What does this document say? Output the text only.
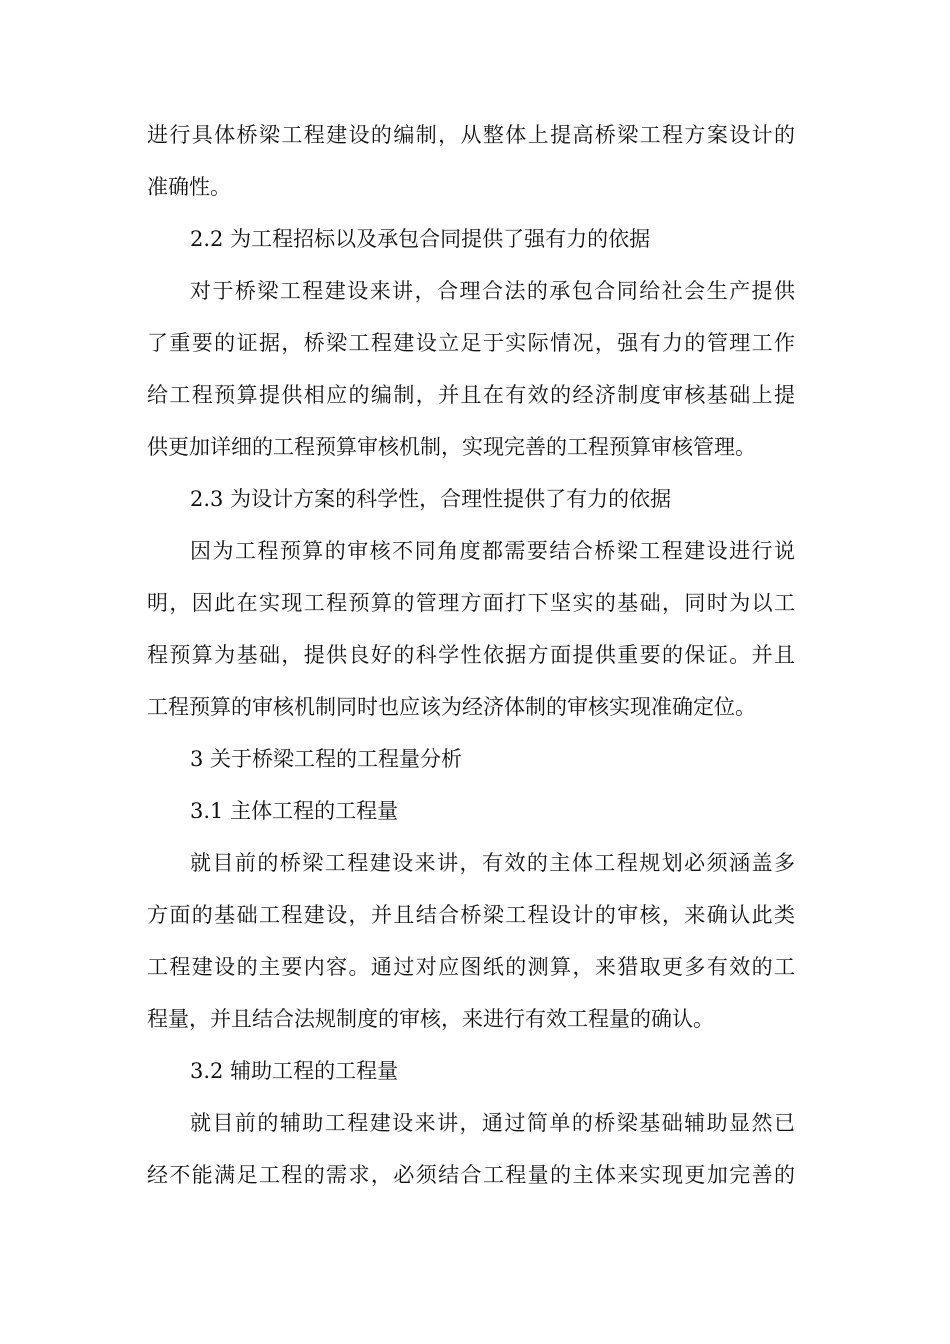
进行具体桥梁工程建设的编制，从整体上提高桥梁工程方案设计的

准确性。

2.2 为工程招标以及承包合同提供了强有力的依据

对于桥梁工程建设来讲，合理合法的承包合同给社会生产提供

了重要的证据，桥梁工程建设立足于实际情况，强有力的管理工作

给工程预算提供相应的编制，并且在有效的经济制度审核基础上提

供更加详细的工程预算审核机制，实现完善的工程预算审核管理。

2.3 为设计方案的科学性，合理性提供了有力的依据

因为工程预算的审核不同角度都需要结合桥梁工程建设进行说

明，因此在实现工程预算的管理方面打下坚实的基础，同时为以工

程预算为基础，提供良好的科学性依据方面提供重要的保证。并且

工程预算的审核机制同时也应该为经济体制的审核实现准确定位。

3 关于桥梁工程的工程量分析

3.1 主体工程的工程量

就目前的桥梁工程建设来讲，有效的主体工程规划必须涵盖多

方面的基础工程建设，并且结合桥梁工程设计的审核，来确认此类

工程建设的主要内容。通过对应图纸的测算，来猎取更多有效的工

程量，并且结合法规制度的审核，来进行有效工程量的确认。

3.2 辅助工程的工程量

就目前的辅助工程建设来讲，通过简单的桥梁基础辅助显然已

经不能满足工程的需求，必须结合工程量的主体来实现更加完善的
